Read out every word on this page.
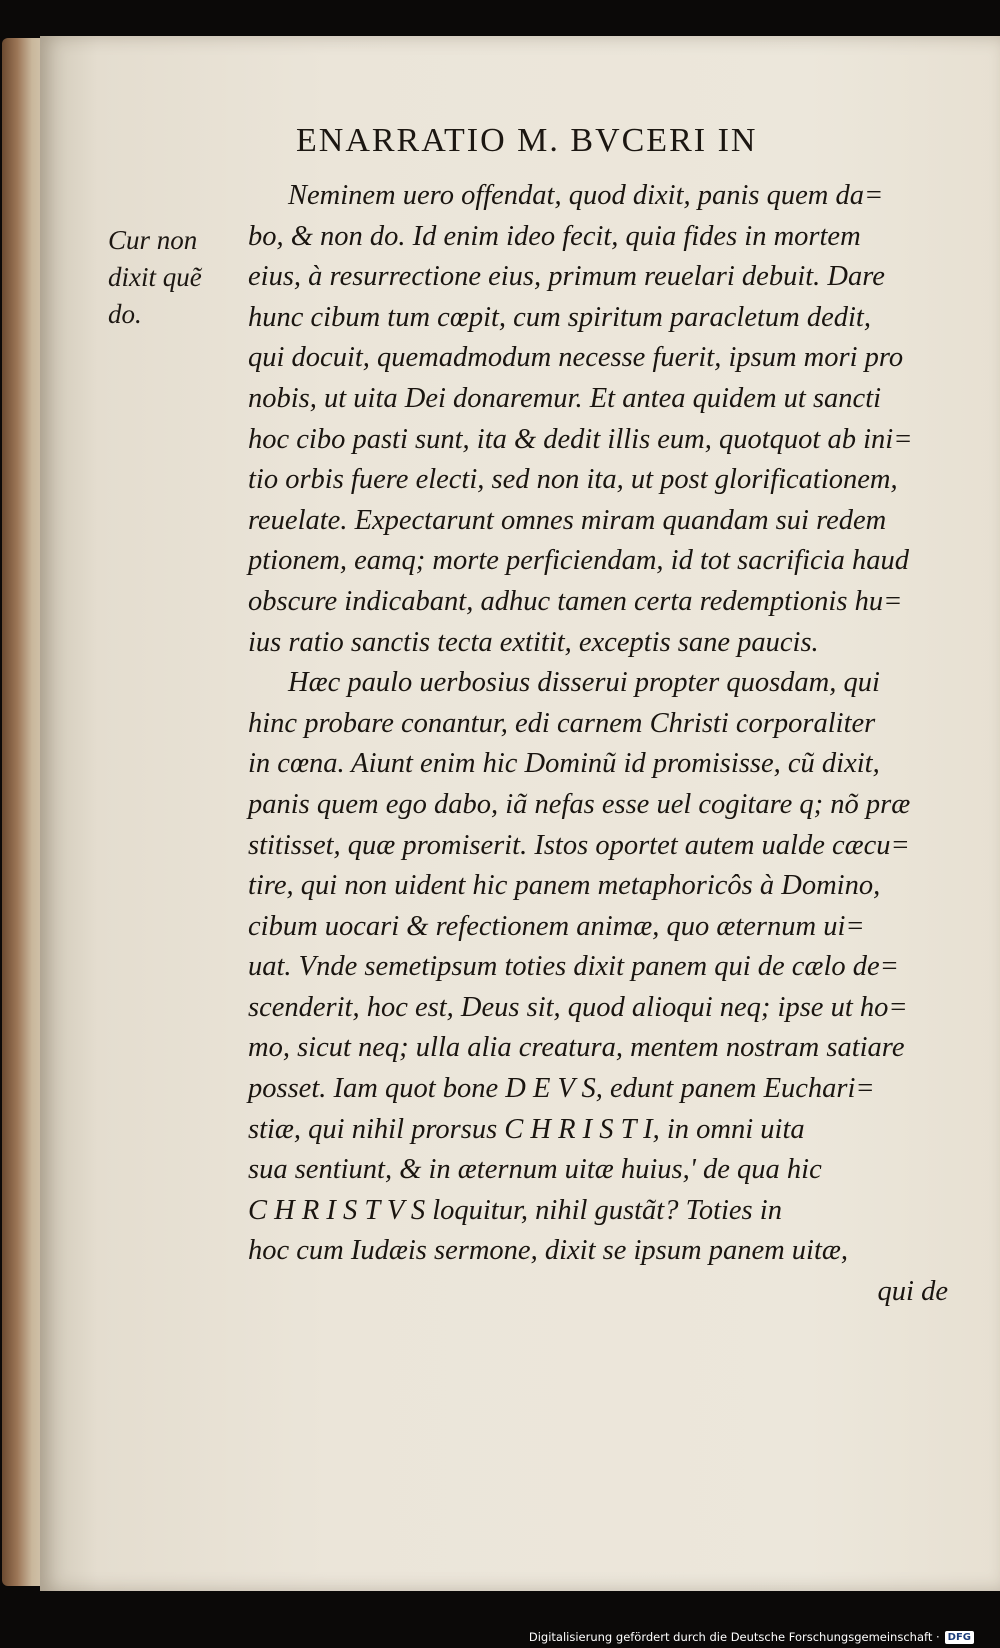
ENARRATIO M. BVCERI IN
Cur non
dixit quẽ
do.
Neminem uero offendat, quod dixit, panis quem da=
bo, & non do. Id enim ideo fecit, quia fides in mortem
eius, à resurrectione eius, primum reuelari debuit. Dare
hunc cibum tum cœpit, cum spiritum paracletum dedit,
qui docuit, quemadmodum necesse fuerit, ipsum mori pro
nobis, ut uita Dei donaremur. Et antea quidem ut sancti
hoc cibo pasti sunt, ita & dedit illis eum, quotquot ab ini=
tio orbis fuere electi, sed non ita, ut post glorificationem,
reuelate. Expectarunt omnes miram quandam sui redem
ptionem, eamq; morte perficiendam, id tot sacrificia haud
obscure indicabant, adhuc tamen certa redemptionis hu=
ius ratio sanctis tecta extitit, exceptis sane paucis.
Hæc paulo uerbosius disserui propter quosdam, qui
hinc probare conantur, edi carnem Christi corporaliter
in cœna. Aiunt enim hic Dominũ id promisisse, cũ dixit,
panis quem ego dabo, iã nefas esse uel cogitare q; nõ præ
stitisset, quæ promiserit. Istos oportet autem ualde cæcu=
tire, qui non uident hic panem metaphoricôs à Domino,
cibum uocari & refectionem animæ, quo æternum ui=
uat. Vnde semetipsum toties dixit panem qui de cælo de=
scenderit, hoc est, Deus sit, quod alioqui neq; ipse ut ho=
mo, sicut neq; ulla alia creatura, mentem nostram satiare
posset. Iam quot bone D E V S, edunt panem Euchari=
stiæ, qui nihil prorsus C H R I S T I, in omni uita
sua sentiunt, & in æternum uitæ huius,' de qua hic
C H R I S T V S loquitur, nihil gustãt? Toties in
hoc cum Iudæis sermone, dixit se ipsum panem uitæ,
qui de
Digitalisierung gefördert durch die Deutsche Forschungsgemeinschaft · DFG
